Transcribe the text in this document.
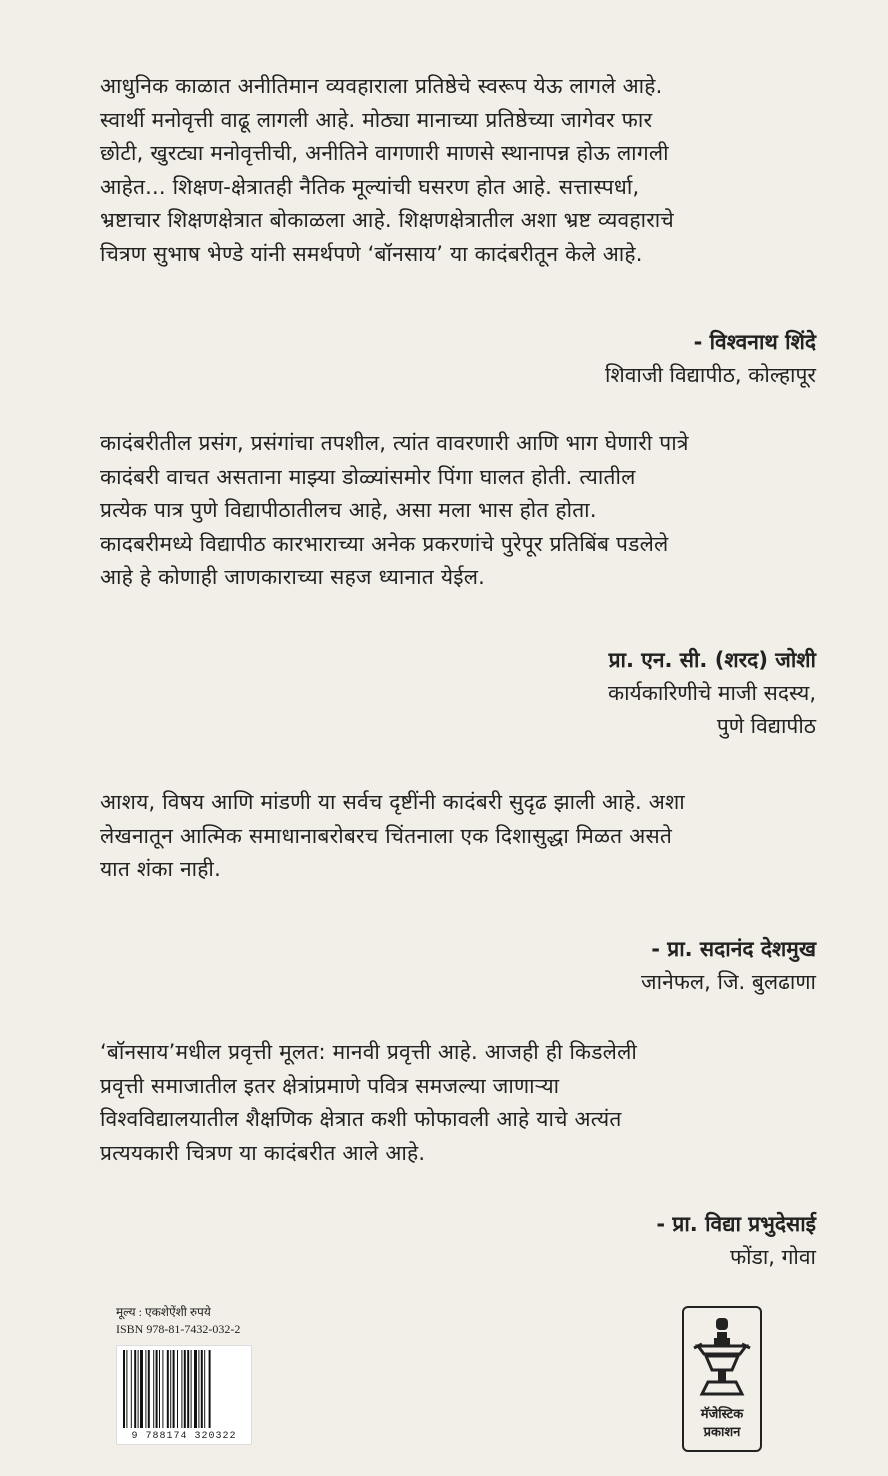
आधुनिक काळात अनीतिमान व्यवहाराला प्रतिष्ठेचे स्वरूप येऊ लागले आहे.
स्वार्थी मनोवृत्ती वाढू लागली आहे. मोठ्या मानाच्या प्रतिष्ठेच्या जागेवर फार
छोटी, खुरट्या मनोवृत्तीची, अनीतिने वागणारी माणसे स्थानापन्न होऊ लागली
आहेत... शिक्षण-क्षेत्रातही नैतिक मूल्यांची घसरण होत आहे. सत्तास्पर्धा,
भ्रष्टाचार शिक्षणक्षेत्रात बोकाळला आहे. शिक्षणक्षेत्रातील अशा भ्रष्ट व्यवहाराचे
चित्रण सुभाष भेण्डे यांनी समर्थपणे ‘बॉनसाय’ या कादंबरीतून केले आहे.
- विश्वनाथ शिंदे
शिवाजी विद्यापीठ, कोल्हापूर
कादंबरीतील प्रसंग, प्रसंगांचा तपशील, त्यांत वावरणारी आणि भाग घेणारी पात्रे
कादंबरी वाचत असताना माझ्या डोळ्यांसमोर पिंगा घालत होती. त्यातील
प्रत्येक पात्र पुणे विद्यापीठातीलच आहे, असा मला भास होत होता.
कादबरीमध्ये विद्यापीठ कारभाराच्या अनेक प्रकरणांचे पुरेपूर प्रतिबिंब पडलेले
आहे हे कोणाही जाणकाराच्या सहज ध्यानात येईल.
प्रा. एन. सी. (शरद) जोशी
कार्यकारिणीचे माजी सदस्य,
पुणे विद्यापीठ
आशय, विषय आणि मांडणी या सर्वच दृष्टींनी कादंबरी सुदृढ झाली आहे. अशा
लेखनातून आत्मिक समाधानाबरोबरच चिंतनाला एक दिशासुद्धा मिळत असते
यात शंका नाही.
- प्रा. सदानंद देशमुख
जानेफल, जि. बुलढाणा
‘बॉनसाय’मधील प्रवृत्ती मूलत: मानवी प्रवृत्ती आहे. आजही ही किडलेली
प्रवृत्ती समाजातील इतर क्षेत्रांप्रमाणे पवित्र समजल्या जाणाऱ्या
विश्वविद्यालयातील शैक्षणिक क्षेत्रात कशी फोफावली आहे याचे अत्यंत
प्रत्ययकारी चित्रण या कादंबरीत आले आहे.
- प्रा. विद्या प्रभुदेसाई
फोंडा, गोवा
मूल्य : एकशेऐंशी रुपये
ISBN 978-81-7432-032-2
9 788174 320322
मॅजेस्टिक
प्रकाशन
